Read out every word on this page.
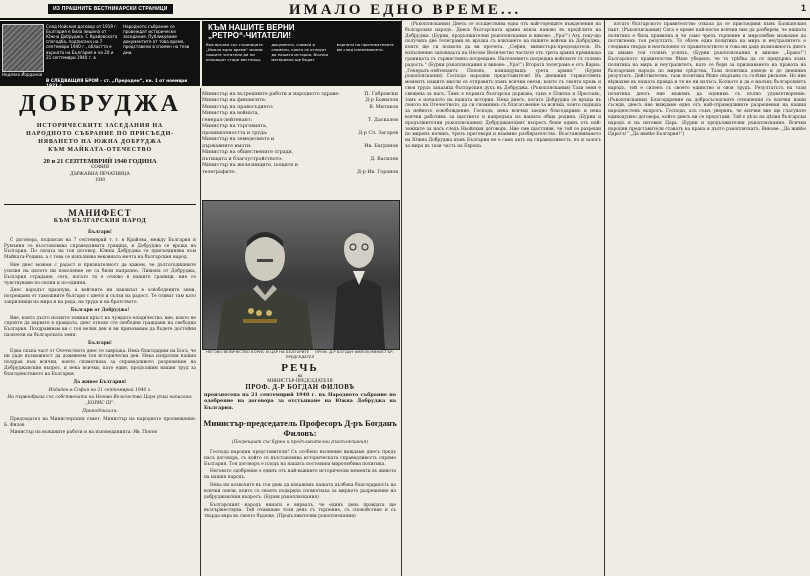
ИЗ ПРАШНИТЕ ВЕСТНИКАРСКИ СТРАНИЦИ	ИМАЛО ЕДНО ВРЕМЕ...	1
Недялко Йорданов
След Нойския договор от 1919 г. България е била лишена от Южна Добруджа. С Крайовската спогодба, подписана на 7 септември 1940 г., областта е върната на България и на 20 и 21 септември 1940 г. в Народното събрание се провеждат исторически заседания. Публикуваме документите от това време, представени в спомен на тези дни.
В СЛЕДВАЩИЯ БРОЙ – ст. „Прероден“, кн. 1 от ноември 1921 г.
КЪМ НАШИТЕ ВЕРНИ
„РЕТРО“-ЧИТАТЕЛИ!
Във връзка със страницата „Имало едно време“ молим нашите читатели да ни изпращат стари вестници, документи, снимки и спомени, които се отнасят до нашата история. Всички материали ще бъдат върнати на притежателите им след използването.
ДОБРУДЖА
ИСТОРИЧЕСКИТЕ ЗАСЕДАНИЯ НА
НАРОДНОТО СЪБРАНИЕ ПО ПРИСЪЕДИ-
НЯВАНЕТО НА ЮЖНА ДОБРУДЖА
КЪМ МАЙКАТА-ОТЕЧЕСТВО
20 и 21 СЕПТЕМВРИЙ 1940 ГОДИНА
СОФИЯ
ДЪРЖАВНА ПЕЧАТНИЦА
1940
МАНИФЕСТ
КЪМ БЪЛГАРСКИЯ НАРОД

Българи!

С договора, подписан на 7 септемврий т. г. в Крайова, между България и Румъния се възстановява справедливата граница, и Добруджа се връща на България. По силата на тоя договор, Южна Добруджа се присъединява към Майката-Родина, а с това се изпълнява вековната мечта на българския народ.

Ние днес можем с радост и признателност да кажем, че дългогодишните усилия на цялото ни поколение не са били напразно. Лишена от Добруджа, България страдаше; сега, когато тя е отново в нашите граници, ние се чувствуваме по-силни и по-единни.

Днес народът празнува, а войските ни навлизат в освободените земи, посрещани от тамошните българи с цветя и сълзи на радост. Те отиват там като закрилници на мира и на реда, на труда и на братството.

Българи от Добруджа!

Вие, които дълго носихте тежкия кръст на чуждото владичество, вие, които не спряхте да вярвате в правдата, днес отново сте свободни граждани на свободна България. Поздравявам ви с тоя велик ден и ви призовавам да бъдете достойни пазители на българската земя.

Българи!

Една скъпа част от Отечеството днес се завръща. Нека благодарим на Бога, че ни даде възможност да доживеем тоя исторически ден. Нека изпратим нашия поздрав към всички, които спомогнаха за справедливото разрешение на Добруджанския въпрос, и нека всички, като един, продължим нашия труд за благоденствието на България.

Да живее България!

Издаден в София на 21 септемврий 1940 г.

На първообраза със собствената на Негово Величество Царя ръка написано: „БОРИС III“.

Приподписали:

Председател на Министерския съвет, Министър на народното просвещение: Б. Филов

Министър на външните работи и на изповеданията: Ив. Попов

Министър на вътрешните работи и народното здраве:	П. Габровски
Министър на финансите:	Д-р Божилов
Министър на правосъдието:	В. Митаков
Министър на войната,
генерал-лейтенант:	Т. Даскалов
Министър на търговията,
промишлеността и труда:	Д-р Сл. Загоров
Министър на земеделието и
държавните имоти:	Ив. Багрянов
Министър на обществените сгради,
пътищата и благоустройството:	Д. Василев
Министър на железниците, пощите и
телеграфите:	Д-р Ив. Горанов
НЕГОВО ВЕЛИЧЕСТВО БОРИС III ЦАР НА БЪЛГАРИТЕ ПРОФ. Д-Р БОГДАН ФИЛОВ МИНИСТЪР-ПРЕДСЕДАТЕЛ
РЕЧЬ
на
МИНИСТЪР-ПРЕДСЕДАТЕЛЯ
ПРОФ. Д-Р БОГДАН ФИЛОВЪ
произнесена на 21 септемврий 1940 г. въ Народното събрание по одобрение на договора за отстъпване на Южна Добруджа на България.
Министър-председатель Професоръ Д-ръ Богданъ Филовъ:
(Посрещнат със бурни и продължителни ръкопляскания)

Господа народни представители! Съ особено вълнение виждаме днесъ предъ насъ договора, съ който се възстановява историческата справедливость спрямо България. Тоя договоръ е плодъ на нашата постоянна миролюбива политика.

Неговото одобрение е единъ отъ най-важните исторически моменти въ живота на нашия народъ.

Нека ни позволите въ тоя день да изкажемъ нашата дълбока благодарность на всички онези, които съ своята подкрепа спомогнаха за мирното разрешение на добруджанския въпросъ. (Бурни ръкопляскания)

Българският народъ винаги е вярвалъ, че единъ день правдата ще възтържествува. Той очакваше този день съ търпение, съ спокойствие и съ твърда вяра въ своето бъдеще. (Продължителни ръкопляскания)

(Ръкопляскания) Днесь се осъществява една отъ най-горещите въжделения на българския народъ. Днесь българската армия влиза наново въ предѣлите на Добруджа. (Бурни, продължителни ръкопляскания и викове: „Ура!“) Азъ току-що получихъ две телеграми въ връзка съ влизането на нашите войски въ Добруджа, които ще си позволя да ви прочета. „София, министъръ-председателя. Въ изпълнение заповедьта на Негово Величество частите отъ трета армия преминаха границата съ тържествено посрещане. Населението посрещна войските съ голяма радость.“ (Бурни ръкопляскания и викове: „Ура!“) Втората телеграма е отъ Варна. „Генералъ-лейтенантъ Поповъ, командуващъ трета армия.“ (Бурни ръкопляскания) Господа народни представители! Въ днешния тържественъ моментъ нашите мисли се отправятъ къмъ всички онези, които съ своята кръвь и своя трудъ запазиха българския духъ въ Добруджа. (Ръкопляскания) Тази земя е свещена за насъ. Тамъ е първата българска държава, тамъ е Плиска и Преславъ, тамъ е началото на нашата история. Нека днесъ, когато Добруджа се връща въ лоното на Отечеството, да си спомнимъ съ благоговение за всички, които паднаха за нейното освобождение. Господа, нека всички заедно благодаримъ и нека всички работимъ за щастието и напредъка на нашата обща родина. (Бурни и продължителни ръкопляскания) Добруджанският въпросъ беше единъ отъ най-тежките за насъ следъ Ньойския договоръ. Ние сме щастливи, че той се разреши по миренъ начинъ, чрезъ преговори и взаимно разбирателство. Възстановяването на Южна Добруджа къмъ България не е само актъ на справедливость, но и залогъ за мира въ тази часть на Европа.

когато българското правителство отказа да се присъедини къмъ Балканския пакт. (Ръкопляскания) Сега е време най-после всички ние да разберем, че нашата политика е била правилна и че само чрезъ търпение и миролюбие можахме да постигнемъ тоя резултатъ. То обаче една политика на миръ и неутралитетъ е следвана твърдо и неотклонно от правителството и това ни даде възможность днесъ да имаме тоя голямъ успехъ. (Бурни ръкопляскания и викове: „Браво!“) Българското правителство бѣше убедено, че то трѣбва да се придържа къмъ политика на миръ и неутралитетъ, като се бори за признаването на правата на българския народъ по мирни срѣдства. Тази политика доведе и до днешния резултатъ. Действително, тази политика бѣше свързана съ голѣми рискове. Но ние вѣрвахме въ нашата правда и тя не ни излъга. Колкото и да е малъкъ българскиятъ народъ, той е силенъ съ своето единство и своя трудъ. Резултатътъ на тази политика днесъ ние можемъ да оценимъ съ пълно удовлетворение. (Ръкопляскания) Благодарение на добросъседските отношения съ всички наши съседи, днесъ ние виждаме едно отъ най-справедливите разрешения на нашия народностенъ въпросъ. Господа, азъ съмъ уверенъ, че всички вие ще гласувате единодушно договора, който днесъ ви се представя. Той е дѣло на цѣлия български народъ и на неговия Царь. (Бурни и продължителни ръкопляскания. Всички народни представители ставатъ на крака и дълго ръкопляскатъ. Викове: „Да живѣе Царьтъ!“ „Да живѣе България!“)
